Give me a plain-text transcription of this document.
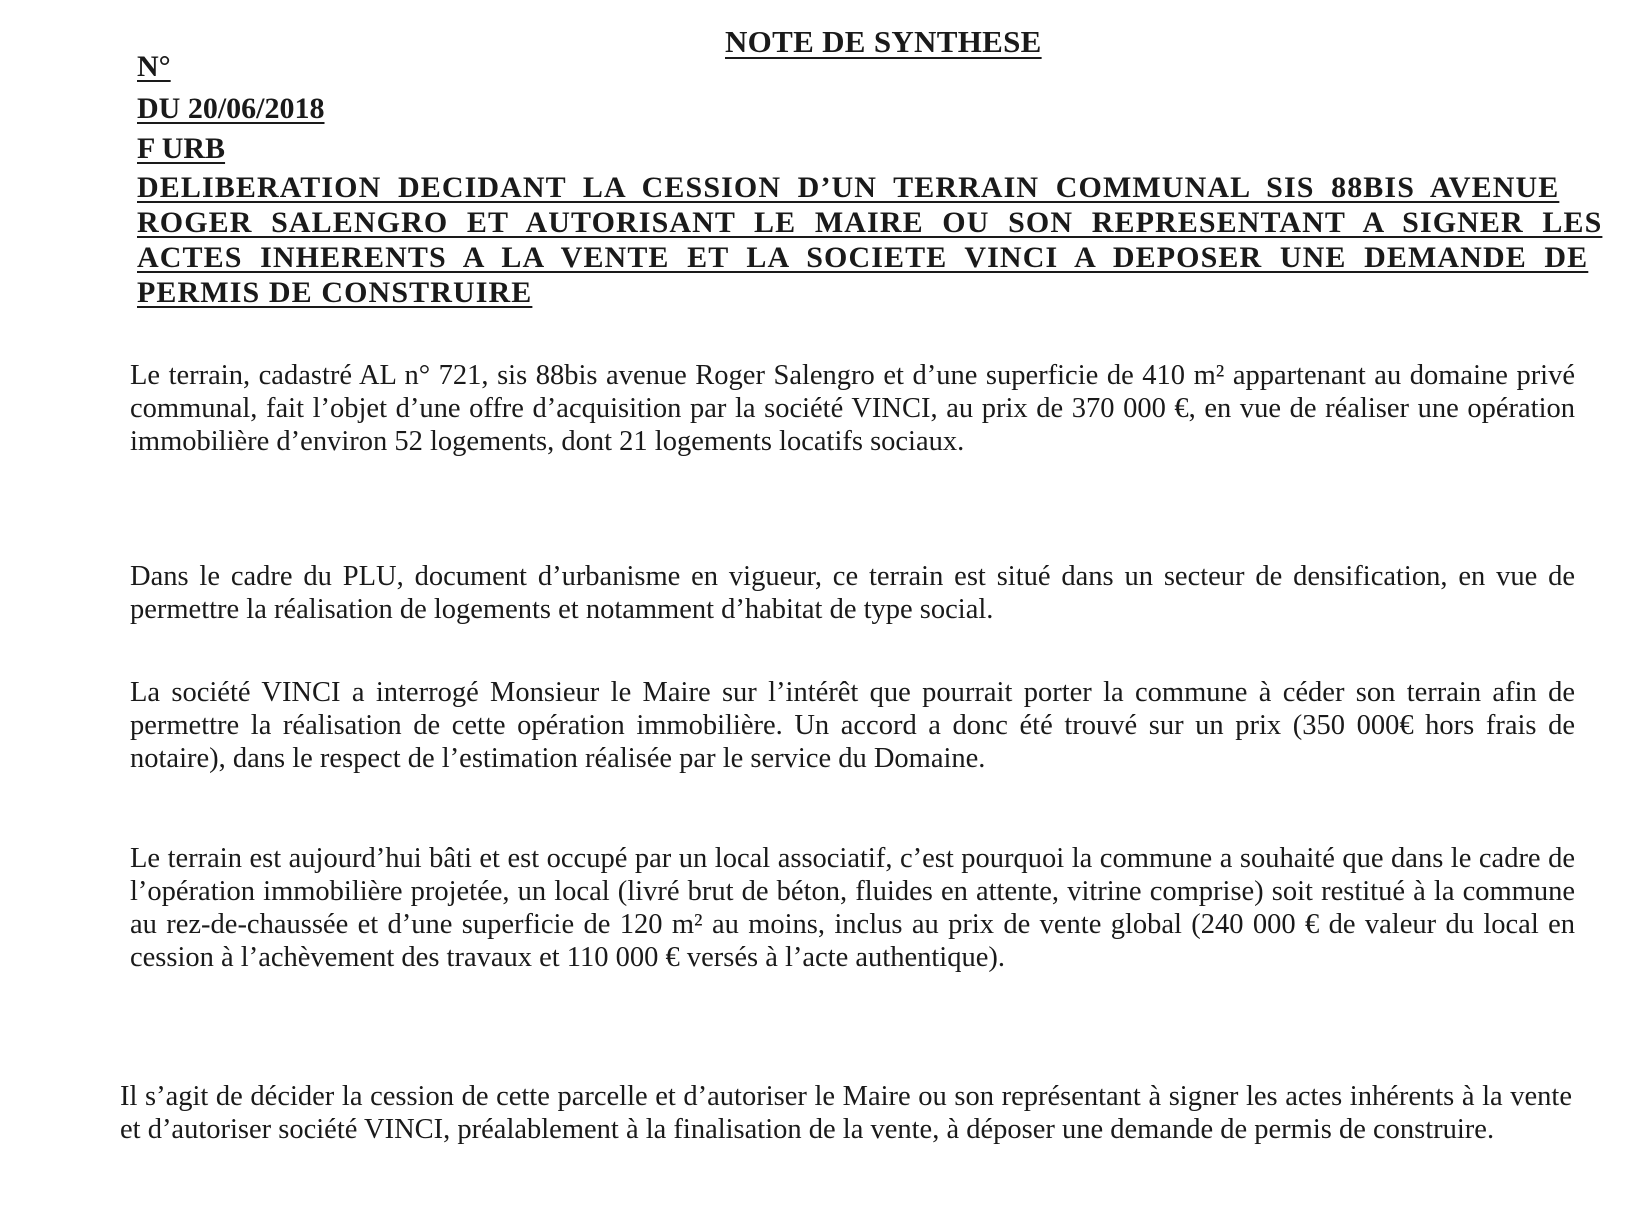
NOTE DE SYNTHESE
N°
DU 20/06/2018
F URB
DELIBERATION DECIDANT LA CESSION D’UN TERRAIN COMMUNAL SIS 88BIS AVENUE
ROGER SALENGRO ET AUTORISANT LE MAIRE OU SON REPRESENTANT A SIGNER LES
ACTES INHERENTS A LA VENTE ET LA SOCIETE VINCI A DEPOSER UNE DEMANDE DE
PERMIS DE CONSTRUIRE
Le terrain, cadastré AL n° 721, sis 88bis avenue Roger Salengro et d’une superficie de 410 m² appartenant au domaine privé communal, fait l’objet d’une offre d’acquisition par la société VINCI, au prix de 370 000 €, en vue de réaliser une opération immobilière d’environ 52 logements, dont 21 logements locatifs sociaux.
Dans le cadre du PLU, document d’urbanisme en vigueur, ce terrain est situé dans un secteur de densification, en vue de permettre la réalisation de logements et notamment d’habitat de type social.
La société VINCI a interrogé Monsieur le Maire sur l’intérêt que pourrait porter la commune à céder son terrain afin de permettre la réalisation de cette opération immobilière. Un accord a donc été trouvé sur un prix (350 000€ hors frais de notaire), dans le respect de l’estimation réalisée par le service du Domaine.
Le terrain est aujourd’hui bâti et est occupé par un local associatif, c’est pourquoi la commune a souhaité que dans le cadre de l’opération immobilière projetée, un local (livré brut de béton, fluides en attente, vitrine comprise) soit restitué à la commune au rez-de-chaussée et d’une superficie de 120 m² au moins, inclus au prix de vente global (240 000 € de valeur du local en cession à l’achèvement des travaux et 110 000 € versés à l’acte authentique).
Il s’agit de décider la cession de cette parcelle et d’autoriser le Maire ou son représentant à signer les actes inhérents à la vente et d’autoriser société VINCI, préalablement à la finalisation de la vente, à déposer une demande de permis de construire.
